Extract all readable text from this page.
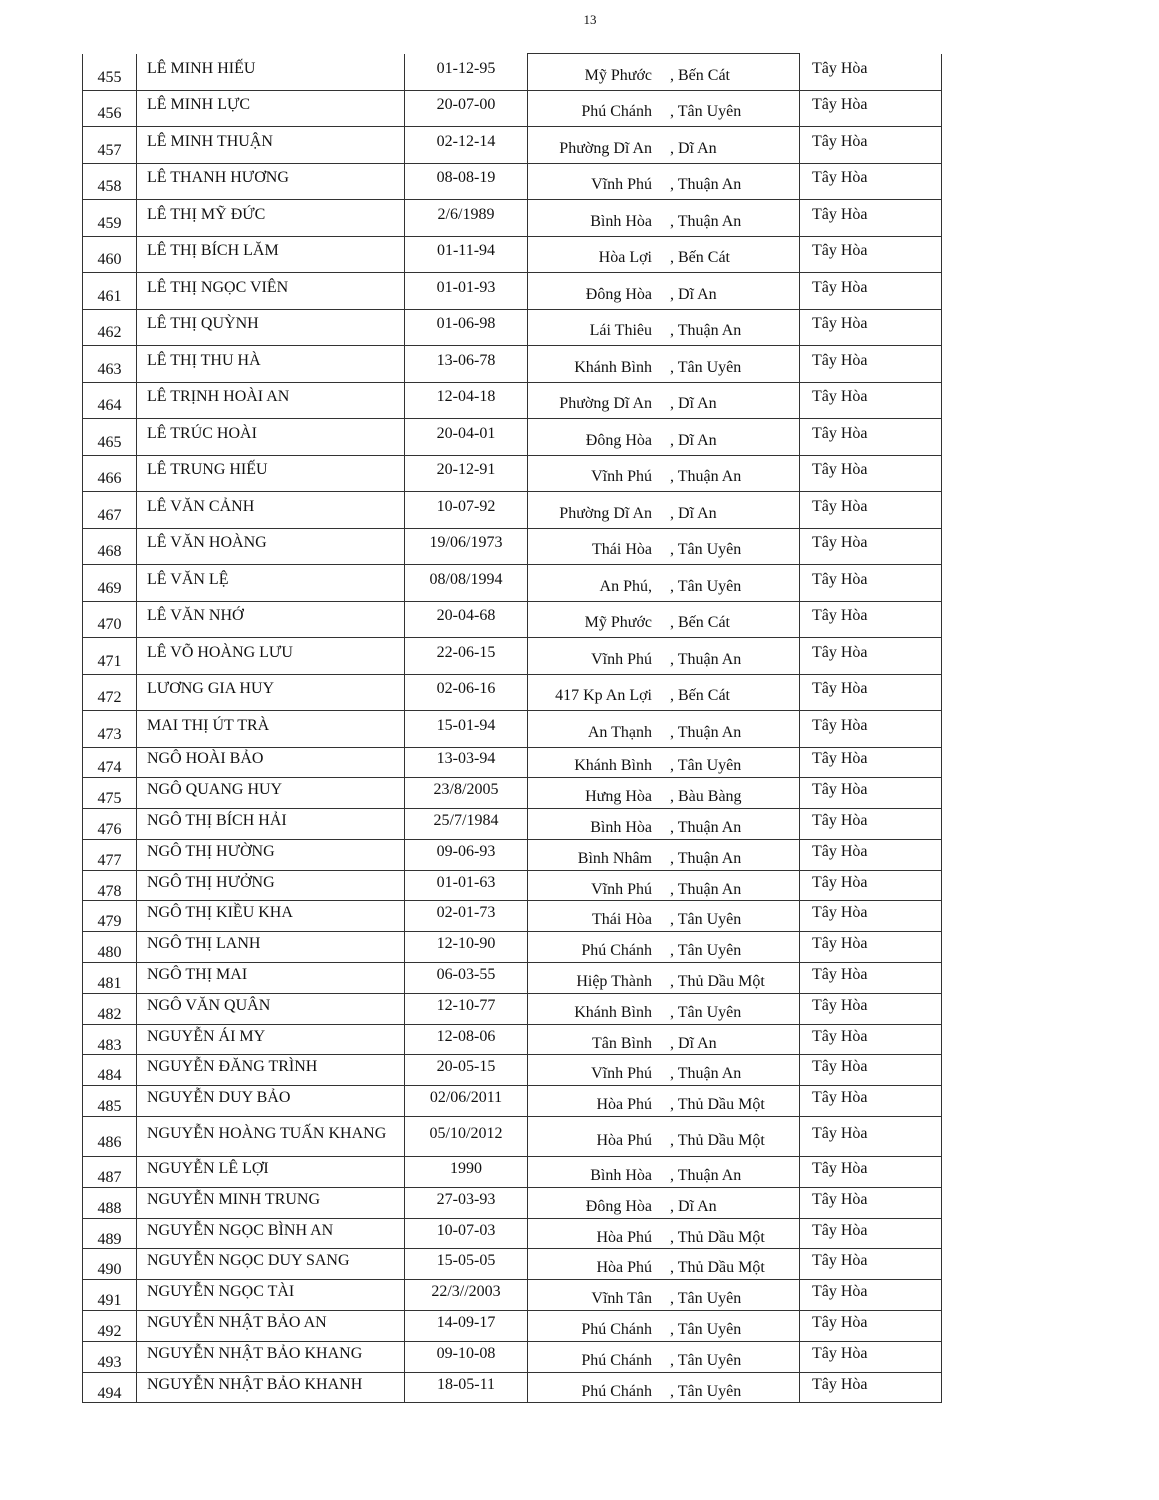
13
455	LÊ MINH HIẾU	01-12-95	Mỹ Phước , Bến Cát	Tây Hòa
456	LÊ MINH LỰC	20-07-00	Phú Chánh , Tân Uyên	Tây Hòa
457	LÊ MINH THUẬN	02-12-14	Phường Dĩ An , Dĩ An	Tây Hòa
458	LÊ THANH HƯƠNG	08-08-19	Vĩnh Phú , Thuận An	Tây Hòa
459	LÊ THỊ MỸ ĐỨC	2/6/1989	Bình Hòa , Thuận An	Tây Hòa
460	LÊ THỊ BÍCH LĂM	01-11-94	Hòa Lợi , Bến Cát	Tây Hòa
461	LÊ THỊ NGỌC VIÊN	01-01-93	Đông Hòa , Dĩ An	Tây Hòa
462	LÊ THỊ QUỲNH	01-06-98	Lái Thiêu , Thuận An	Tây Hòa
463	LÊ THỊ THU HÀ	13-06-78	Khánh Bình , Tân Uyên	Tây Hòa
464	LÊ TRỊNH HOÀI AN	12-04-18	Phường Dĩ An , Dĩ An	Tây Hòa
465	LÊ TRÚC HOÀI	20-04-01	Đông Hòa , Dĩ An	Tây Hòa
466	LÊ TRUNG HIẾU	20-12-91	Vĩnh Phú , Thuận An	Tây Hòa
467	LÊ VĂN CẢNH	10-07-92	Phường Dĩ An , Dĩ An	Tây Hòa
468	LÊ VĂN HOÀNG	19/06/1973	Thái Hòa , Tân Uyên	Tây Hòa
469	LÊ VĂN LỆ	08/08/1994	An Phú, , Tân Uyên	Tây Hòa
470	LÊ VĂN NHỚ	20-04-68	Mỹ Phước , Bến Cát	Tây Hòa
471	LÊ VÕ HOÀNG LƯU	22-06-15	Vĩnh Phú , Thuận An	Tây Hòa
472	LƯƠNG GIA HUY	02-06-16	417 Kp An Lợi , Bến Cát	Tây Hòa
473	MAI THỊ ÚT TRÀ	15-01-94	An Thạnh , Thuận An	Tây Hòa
474	NGÔ HOÀI BẢO	13-03-94	Khánh Bình , Tân Uyên	Tây Hòa
475	NGÔ QUANG HUY	23/8/2005	Hưng Hòa , Bàu Bàng	Tây Hòa
476	NGÔ THỊ BÍCH HẢI	25/7/1984	Bình Hòa , Thuận An	Tây Hòa
477	NGÔ THỊ HƯỜNG	09-06-93	Bình Nhâm , Thuận An	Tây Hòa
478	NGÔ THỊ HƯỞNG	01-01-63	Vĩnh Phú , Thuận An	Tây Hòa
479	NGÔ THỊ KIỀU KHA	02-01-73	Thái Hòa , Tân Uyên	Tây Hòa
480	NGÔ THỊ LANH	12-10-90	Phú Chánh , Tân Uyên	Tây Hòa
481	NGÔ THỊ MAI	06-03-55	Hiệp Thành , Thủ Dầu Một	Tây Hòa
482	NGÔ VĂN QUÂN	12-10-77	Khánh Bình , Tân Uyên	Tây Hòa
483	NGUYỄN ÁI MY	12-08-06	Tân Bình , Dĩ An	Tây Hòa
484	NGUYỄN ĐĂNG TRÌNH	20-05-15	Vĩnh Phú , Thuận An	Tây Hòa
485	NGUYỄN DUY BẢO	02/06/2011	Hòa Phú , Thủ Dầu Một	Tây Hòa
486	NGUYỄN HOÀNG TUẤN KHANG	05/10/2012	Hòa Phú , Thủ Dầu Một	Tây Hòa
487	NGUYỄN LÊ LỢI	1990	Bình Hòa , Thuận An	Tây Hòa
488	NGUYỄN MINH TRUNG	27-03-93	Đông Hòa , Dĩ An	Tây Hòa
489	NGUYỄN NGỌC BÌNH AN	10-07-03	Hòa Phú , Thủ Dầu Một	Tây Hòa
490	NGUYỄN NGỌC DUY SANG	15-05-05	Hòa Phú , Thủ Dầu Một	Tây Hòa
491	NGUYỄN NGỌC TÀI	22/3//2003	Vĩnh Tân , Tân Uyên	Tây Hòa
492	NGUYỄN NHẬT BẢO AN	14-09-17	Phú Chánh , Tân Uyên	Tây Hòa
493	NGUYỄN NHẬT BẢO KHANG	09-10-08	Phú Chánh , Tân Uyên	Tây Hòa
494	NGUYỄN NHẬT BẢO KHANH	18-05-11	Phú Chánh , Tân Uyên	Tây Hòa
